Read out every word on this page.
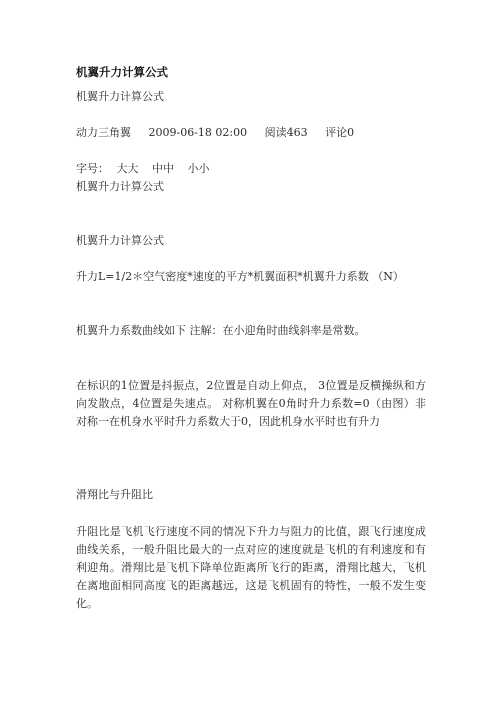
机翼升力计算公式
机翼升力计算公式
动力三角翼 2009-06-18 02:00 阅读463 评论0
字号： 大大 中中 小小
机翼升力计算公式
机翼升力计算公式
升力L=1/2＊空气密度*速度的平方*机翼面积*机翼升力系数 （N）
机翼升力系数曲线如下 注解：在小迎角时曲线斜率是常数。
在标识的1位置是抖振点，2位置是自动上仰点， 3位置是反横操纵和方向发散点，4位置是失速点。 对称机翼在0角时升力系数=0（由图）非对称一在机身水平时升力系数大于0，因此机身水平时也有升力
滑翔比与升阻比
升阻比是飞机飞行速度不同的情况下升力与阻力的比值，跟飞行速度成曲线关系，一般升阻比最大的一点对应的速度就是飞机的有利速度和有利迎角。滑翔比是飞机下降单位距离所飞行的距离，滑翔比越大，飞机在离地面相同高度飞的距离越远，这是飞机固有的特性，一般不发生变化。
